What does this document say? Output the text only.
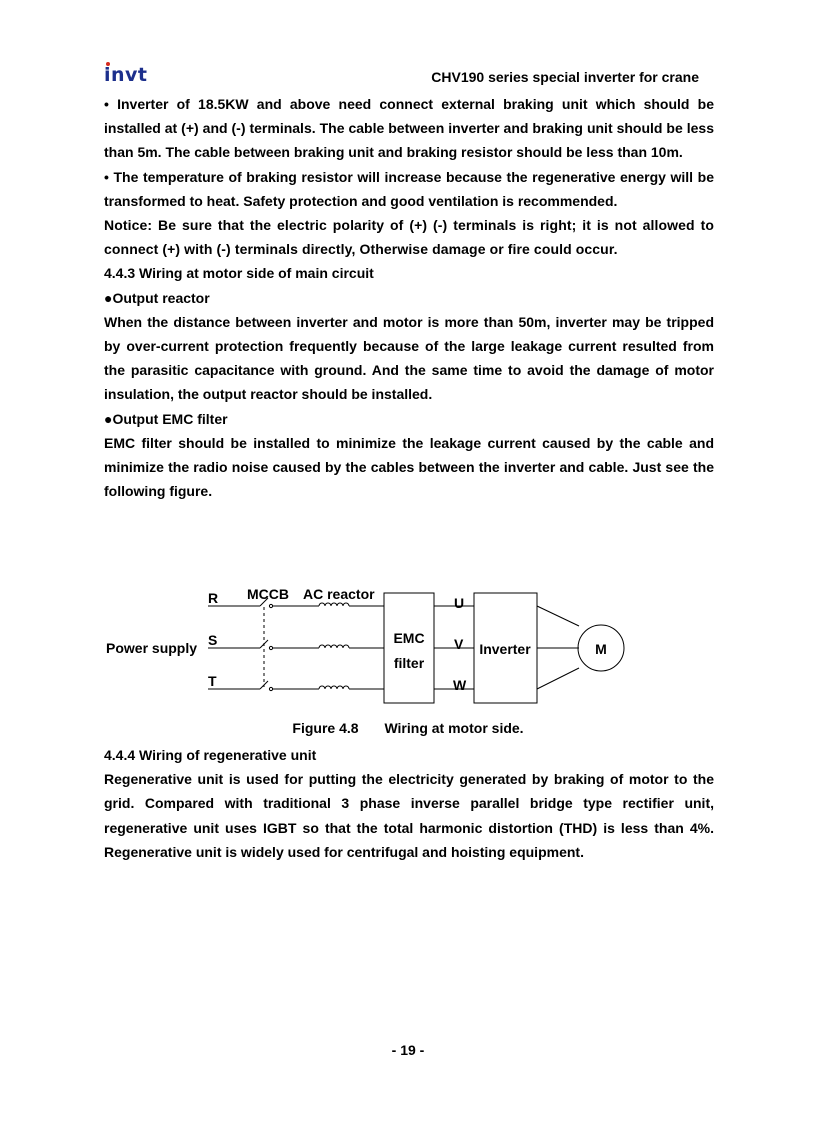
invt	CHV190 series special inverter for crane

• Inverter of 18.5KW and above need connect external braking unit which should be installed at (+) and (-) terminals. The cable between inverter and braking unit should be less than 5m. The cable between braking unit and braking resistor should be less than 10m.

• The temperature of braking resistor will increase because the regenerative energy will be transformed to heat. Safety protection and good ventilation is recommended.

Notice: Be sure that the electric polarity of (+) (-) terminals is right; it is not allowed to connect (+) with (-) terminals directly, Otherwise damage or fire could occur.

4.4.3 Wiring at motor side of main circuit

●Output reactor

When the distance between inverter and motor is more than 50m, inverter may be tripped by over-current protection frequently because of the large leakage current resulted from the parasitic capacitance with ground. And the same time to avoid the damage of motor insulation, the output reactor should be installed.

●Output EMC filter

EMC filter should be installed to minimize the leakage current caused by the cable and minimize the radio noise caused by the cables between the inverter and cable. Just see the following figure.

Power supply
R
S
T
MCCB AC reactor
EMC
filter
U
V
W
Inverter	M
Figure 4.8 Wiring at motor side.

4.4.4 Wiring of regenerative unit

Regenerative unit is used for putting the electricity generated by braking of motor to the grid. Compared with traditional 3 phase inverse parallel bridge type rectifier unit, regenerative unit uses IGBT so that the total harmonic distortion (THD) is less than 4%. Regenerative unit is widely used for centrifugal and hoisting equipment.

- 19 -
